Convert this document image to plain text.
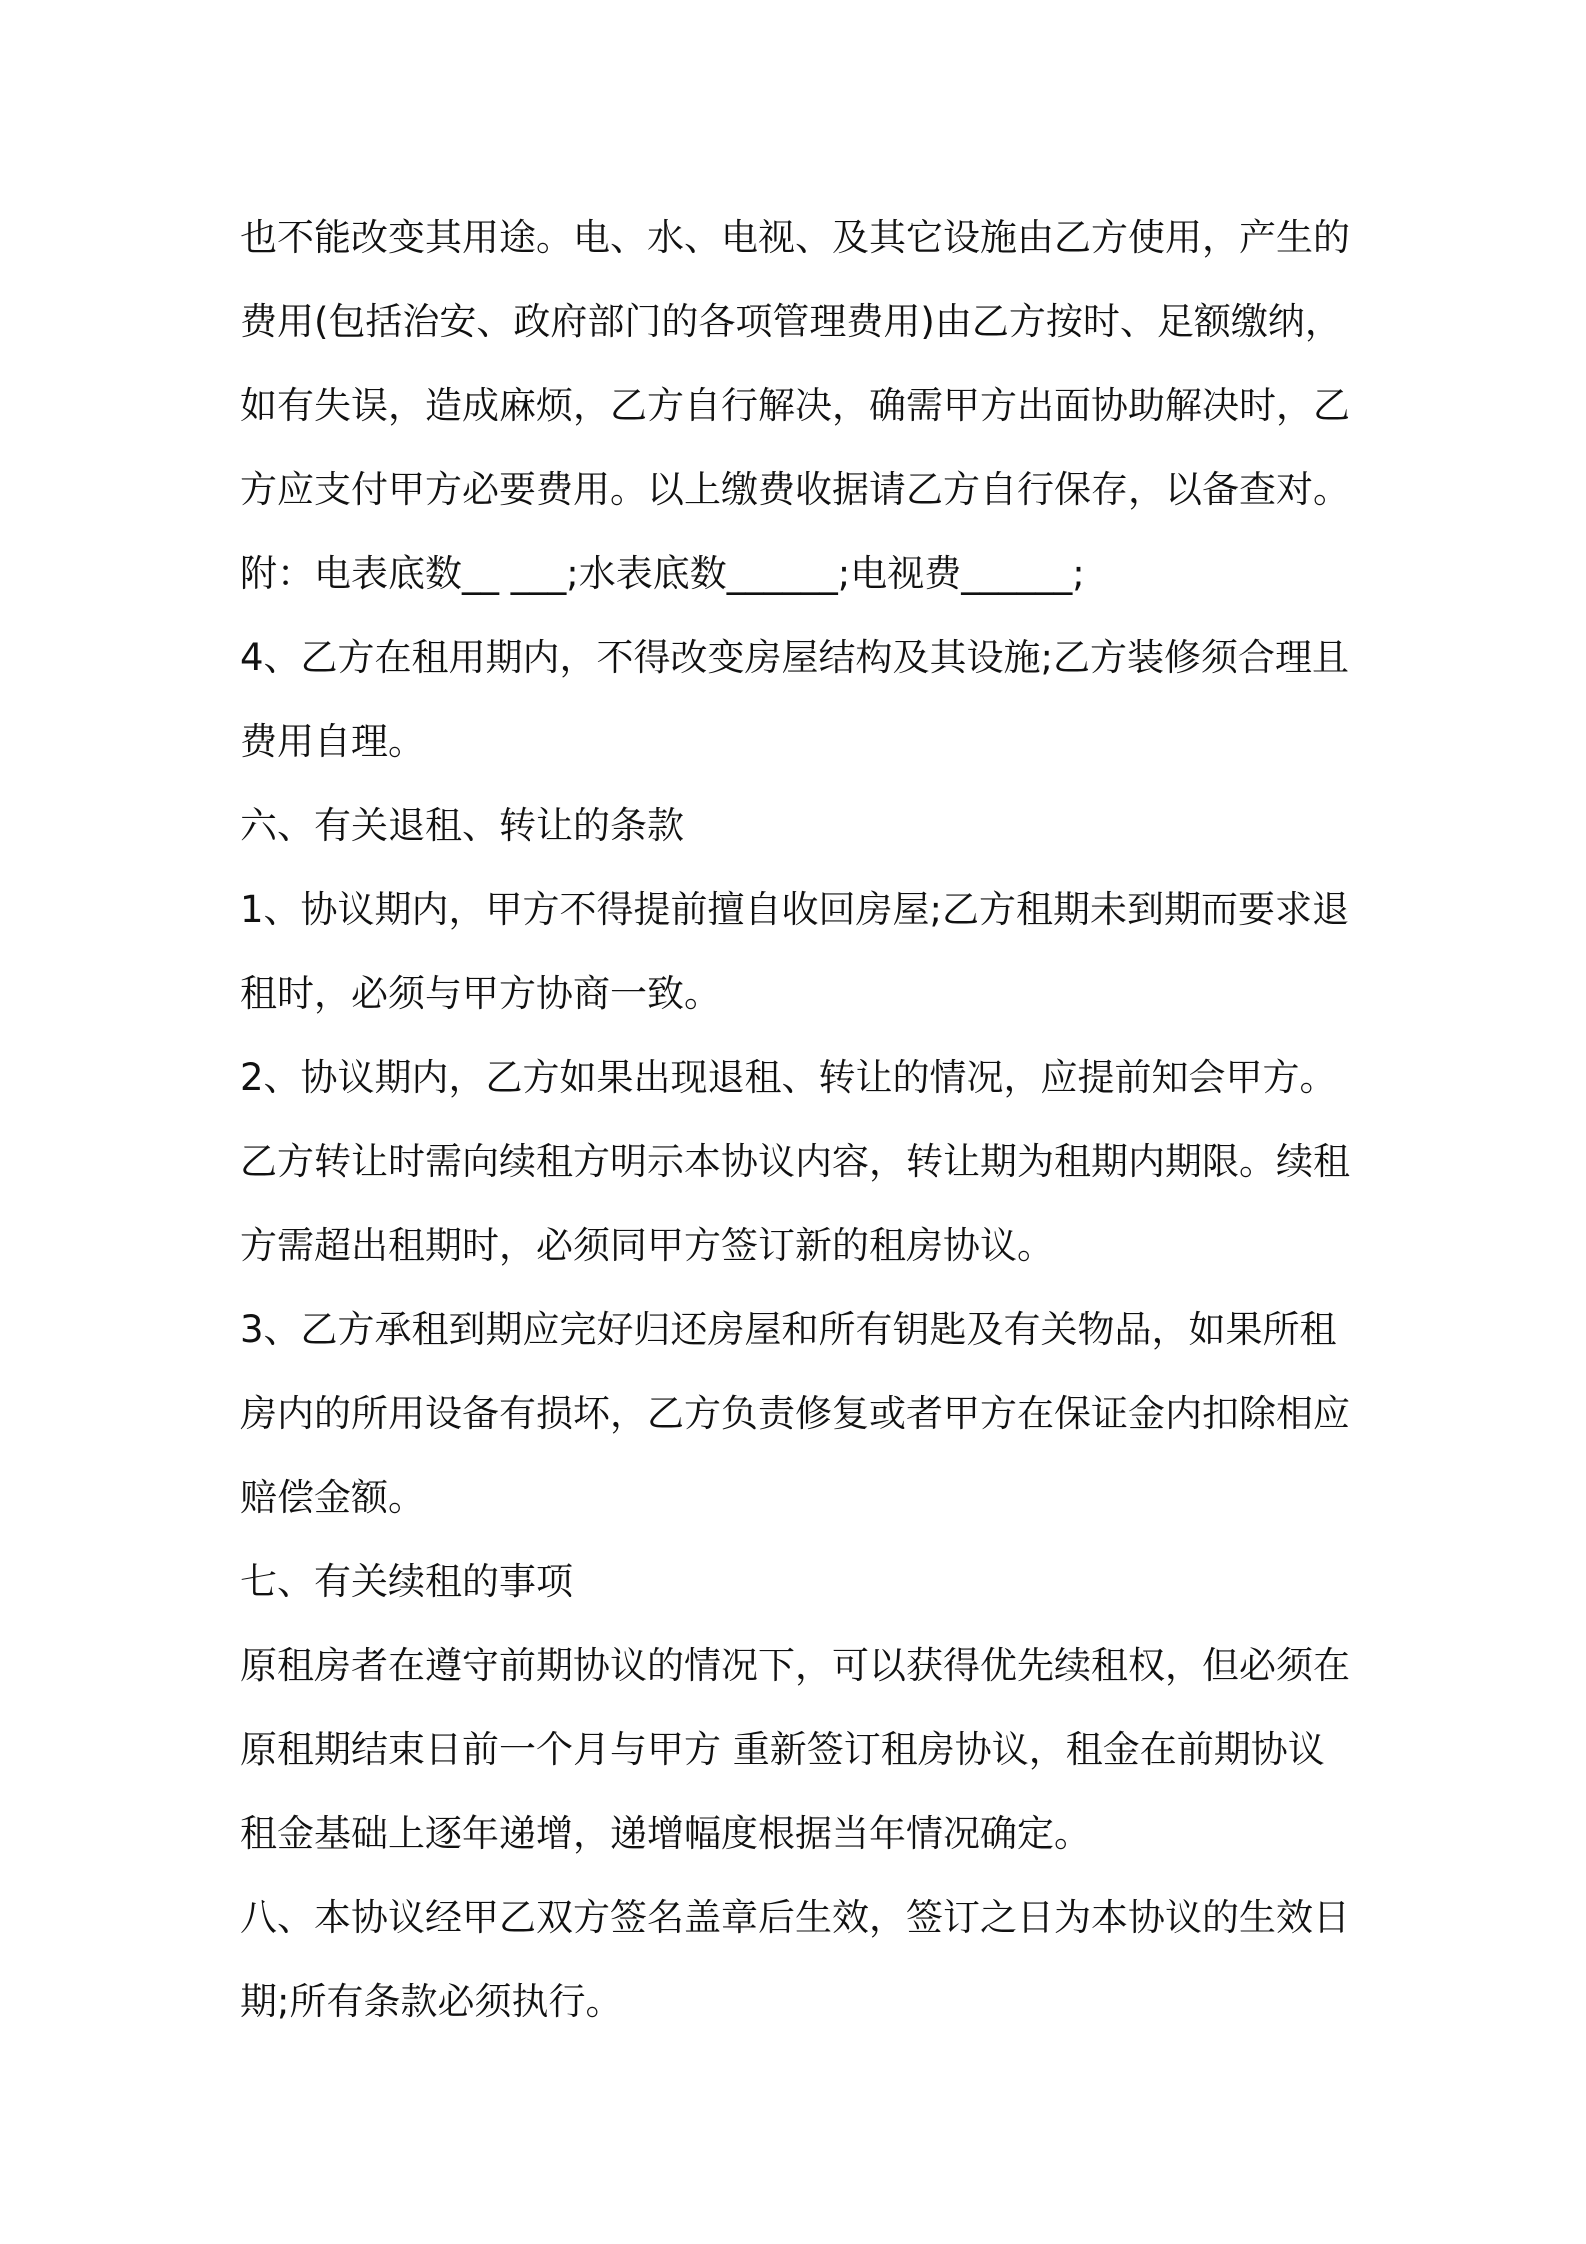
也不能改变其用途。电、水、电视、及其它设施由乙方使用，产生的
费用(包括治安、政府部门的各项管理费用)由乙方按时、足额缴纳，
如有失误，造成麻烦，乙方自行解决，确需甲方出面协助解决时，乙
方应支付甲方必要费用。以上缴费收据请乙方自行保存，以备查对。
附：电表底数__ ___;水表底数______;电视费______;
4、乙方在租用期内，不得改变房屋结构及其设施;乙方装修须合理且
费用自理。
六、有关退租、转让的条款
1、协议期内，甲方不得提前擅自收回房屋;乙方租期未到期而要求退
租时，必须与甲方协商一致。
2、协议期内，乙方如果出现退租、转让的情况，应提前知会甲方。
乙方转让时需向续租方明示本协议内容，转让期为租期内期限。续租
方需超出租期时，必须同甲方签订新的租房协议。
3、乙方承租到期应完好归还房屋和所有钥匙及有关物品，如果所租
房内的所用设备有损坏，乙方负责修复或者甲方在保证金内扣除相应
赔偿金额。
七、有关续租的事项
原租房者在遵守前期协议的情况下，可以获得优先续租权，但必须在
原租期结束日前一个月与甲方 重新签订租房协议，租金在前期协议
租金基础上逐年递增，递增幅度根据当年情况确定。
八、本协议经甲乙双方签名盖章后生效，签订之日为本协议的生效日
期;所有条款必须执行。
